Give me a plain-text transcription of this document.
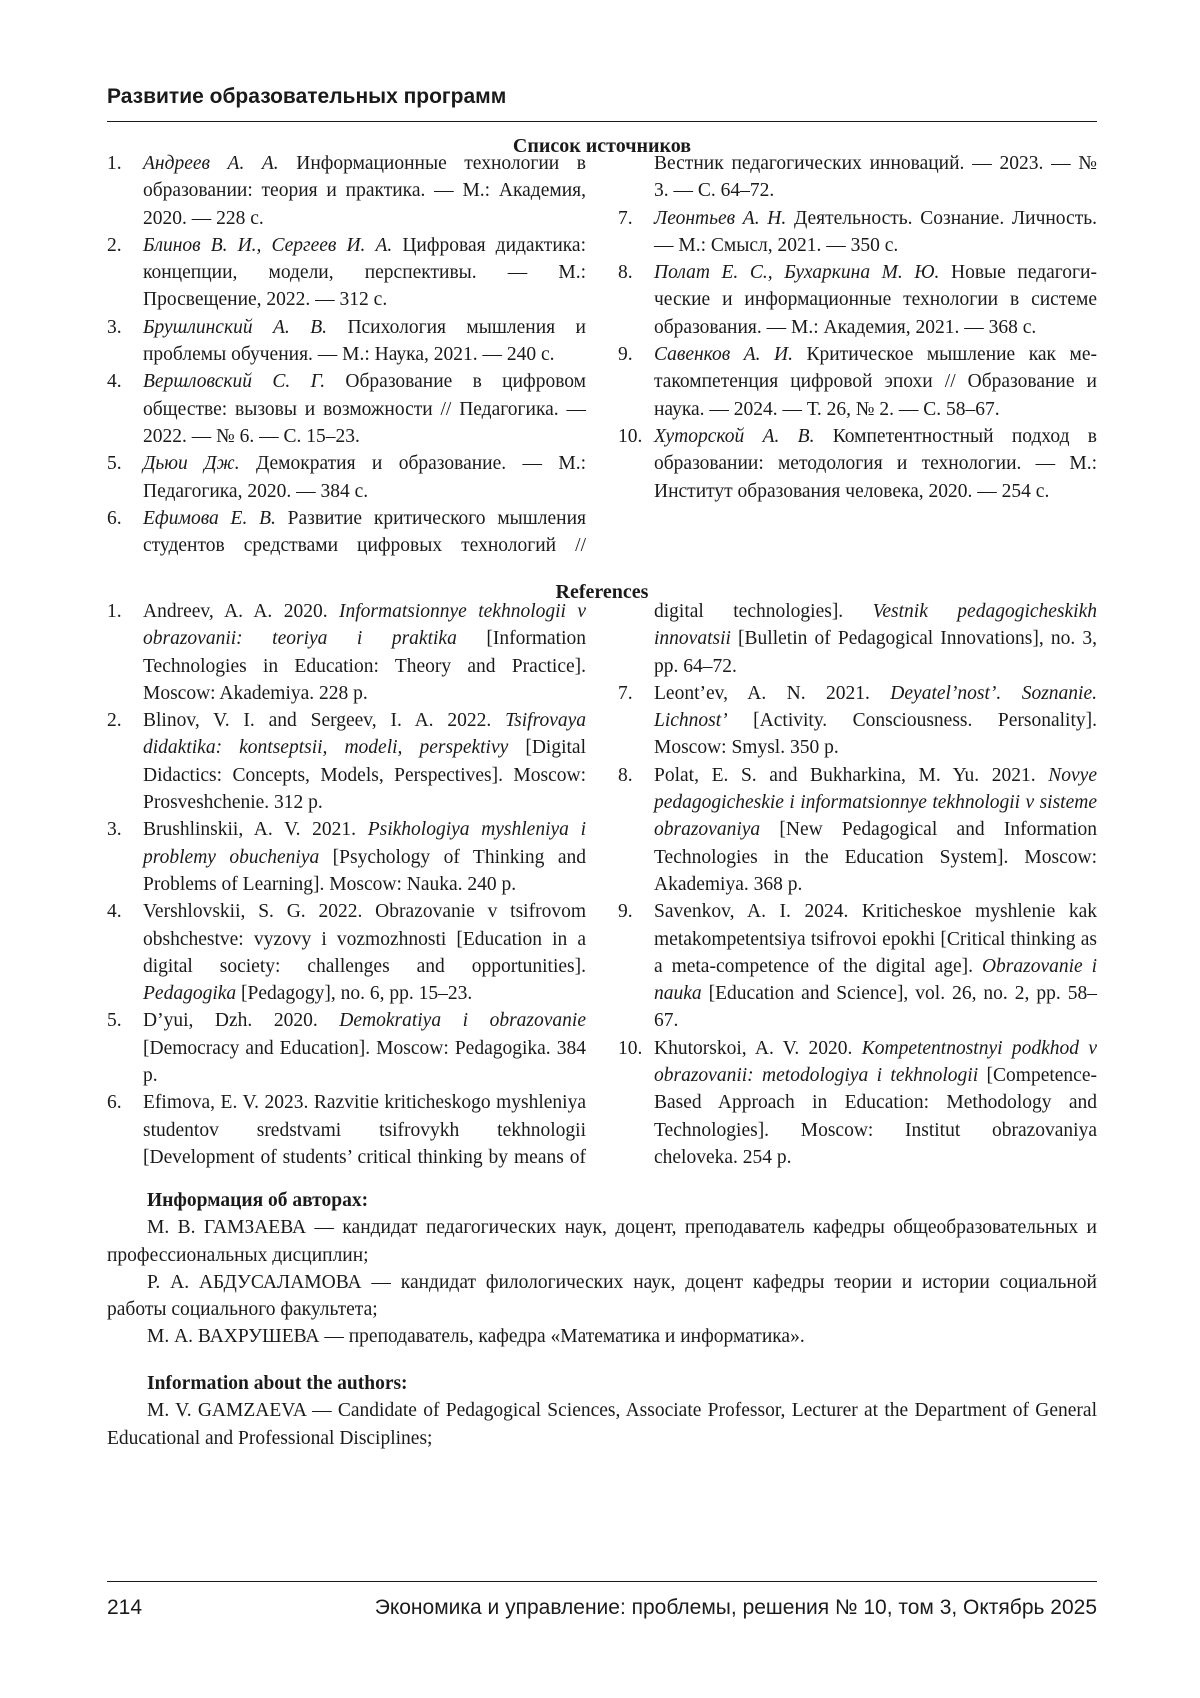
Развитие образовательных программ
Список источников
1. Андреев А. А. Информационные технологии в образовании: теория и практика. — М.: Академия, 2020. — 228 с.
2. Блинов В. И., Сергеев И. А. Цифровая дидактика: концепции, модели, перспективы. — М.: Просвещение, 2022. — 312 с.
3. Брушлинский А. В. Психология мышления и проблемы обучения. — М.: Наука, 2021. — 240 с.
4. Вершловский С. Г. Образование в цифровом обществе: вызовы и возможности // Педагогика. — 2022. — № 6. — С. 15–23.
5. Дьюи Дж. Демократия и образование. — М.: Педагогика, 2020. — 384 с.
6. Ефимова Е. В. Развитие критического мышления студентов средствами цифровых технологий // Вестник педагогических инноваций. — 2023. — № 3. — С. 64–72.
7. Леонтьев А. Н. Деятельность. Сознание. Личность. — М.: Смысл, 2021. — 350 с.
8. Полат Е. С., Бухаркина М. Ю. Новые педагогические и информационные технологии в системе образования. — М.: Академия, 2021. — 368 с.
9. Савенков А. И. Критическое мышление как метакомпетенция цифровой эпохи // Образование и наука. — 2024. — Т. 26, № 2. — С. 58–67.
10. Хуторской А. В. Компетентностный подход в образовании: методология и технологии. — М.: Институт образования человека, 2020. — 254 с.
References
1. Andreev, A. A. 2020. Informatsionnye tekhnologii v obrazovanii: teoriya i praktika [Information Technologies in Education: Theory and Practice]. Moscow: Akademiya. 228 p.
2. Blinov, V. I. and Sergeev, I. A. 2022. Tsifrovaya didaktika: kontseptsii, modeli, perspektivy [Digital Didactics: Concepts, Models, Perspectives]. Moscow: Prosveshchenie. 312 p.
3. Brushlinskii, A. V. 2021. Psikhologiya myshleniya i problemy obucheniya [Psychology of Thinking and Problems of Learning]. Moscow: Nauka. 240 p.
4. Vershlovskii, S. G. 2022. Obrazovanie v tsifrovom obshchestve: vyzovy i vozmozhnosti [Education in a digital society: challenges and opportunities]. Pedagogika [Pedagogy], no. 6, pp. 15–23.
5. D’yui, Dzh. 2020. Demokratiya i obrazovanie [Democracy and Education]. Moscow: Pedagogika. 384 p.
6. Efimova, E. V. 2023. Razvitie kriticheskogo myshleniya studentov sredstvami tsifrovykh tekhnologii [Development of students’ critical thinking by means of digital technologies]. Vestnik pedagogicheskikh innovatsii [Bulletin of Pedagogical Innovations], no. 3, pp. 64–72.
7. Leont’ev, A. N. 2021. Deyatel’nost’. Soznanie. Lichnost’ [Activity. Consciousness. Personality]. Moscow: Smysl. 350 p.
8. Polat, E. S. and Bukharkina, M. Yu. 2021. Novye pedagogicheskie i informatsionnye tekhnologii v sisteme obrazovaniya [New Pedagogical and Information Technologies in the Education System]. Moscow: Akademiya. 368 p.
9. Savenkov, A. I. 2024. Kriticheskoe myshlenie kak metakompetentsiya tsifrovoi epokhi [Critical thinking as a meta-competence of the digital age]. Obrazovanie i nauka [Education and Science], vol. 26, no. 2, pp. 58–67.
10. Khutorskoi, A. V. 2020. Kompetentnostnyi podkhod v obrazovanii: metodologiya i tekhnologii [Competence-Based Approach in Education: Methodology and Technologies]. Moscow: Institut obrazovaniya cheloveka. 254 p.

Информация об авторах:

М. В. ГАМЗАЕВА — кандидат педагогических наук, доцент, преподаватель кафедры общеобразовательных и профессиональных дисциплин;

Р. А. АБДУСАЛАМОВА — кандидат филологических наук, доцент кафедры теории и истории социальной работы социального факультета;

М. А. ВАХРУШЕВА — преподаватель, кафедра «Математика и информатика».

Information about the authors:

M. V. GAMZAEVA — Candidate of Pedagogical Sciences, Associate Professor, Lecturer at the Department of General Educational and Professional Disciplines;

214	Экономика и управление: проблемы, решения № 10, том 3, Октябрь 2025
